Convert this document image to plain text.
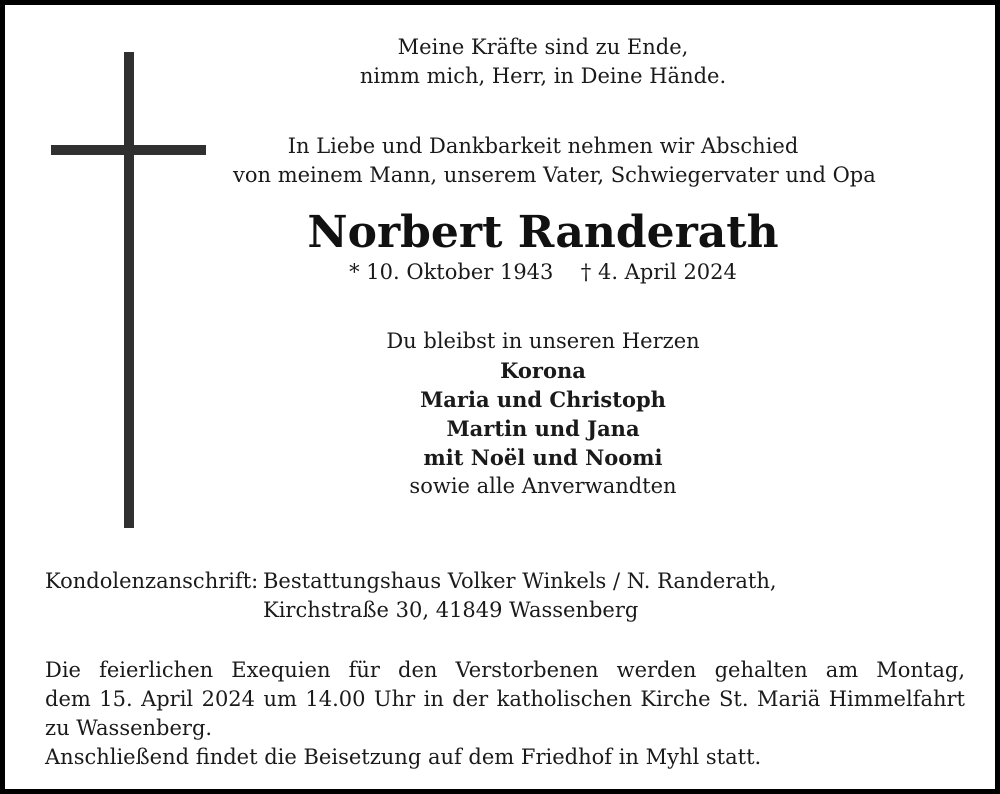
Meine Kräfte sind zu Ende,
nimm mich, Herr, in Deine Hände.
In Liebe und Dankbarkeit nehmen wir Abschied
von meinem Mann, unserem Vater, Schwiegervater und Opa
Norbert Randerath
* 10. Oktober 1943 † 4. April 2024
Du bleibst in unseren Herzen
Korona
Maria und Christoph
Martin und Jana
mit Noël und Noomi
sowie alle Anverwandten
Kondolenzanschrift: Bestattungshaus Volker Winkels / N. Randerath,
Kirchstraße 30, 41849 Wassenberg
Die feierlichen Exequien für den Verstorbenen werden gehalten am Montag,
dem 15. April 2024 um 14.00 Uhr in der katholischen Kirche St. Mariä Himmelfahrt
zu Wassenberg.
Anschließend findet die Beisetzung auf dem Friedhof in Myhl statt.
